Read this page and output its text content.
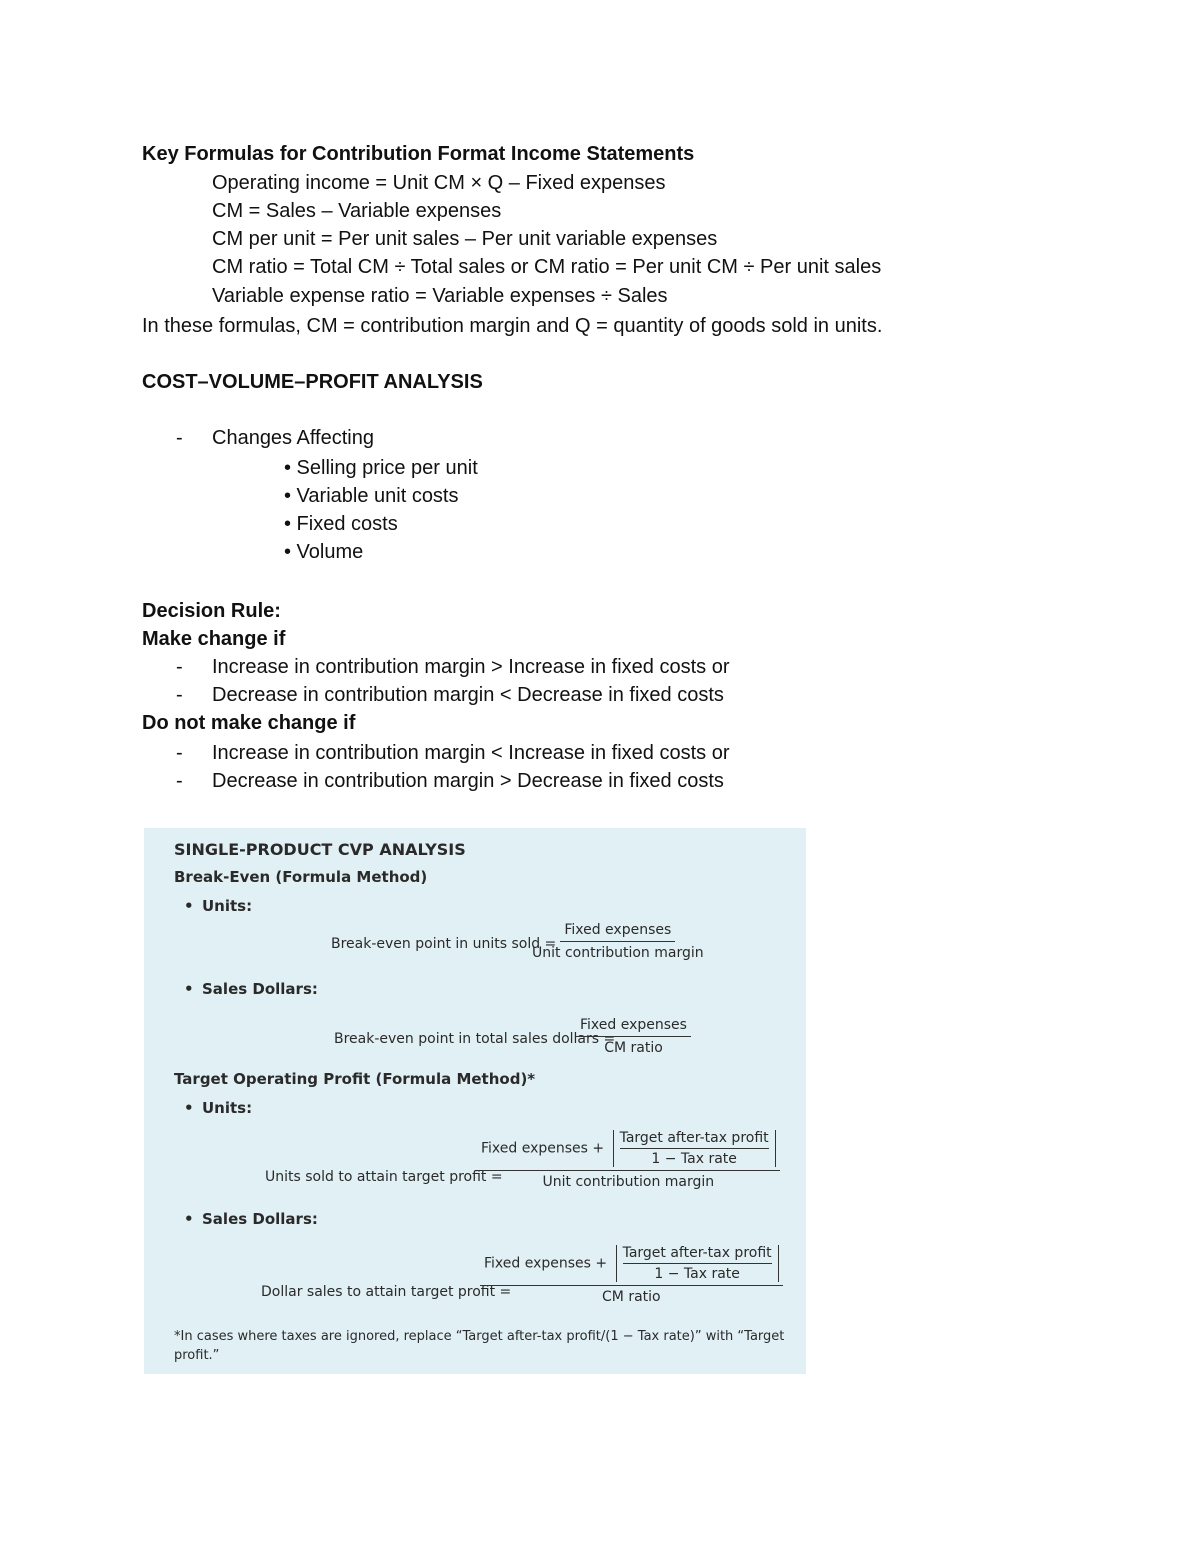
Key Formulas for Contribution Format Income Statements
Operating income = Unit CM × Q – Fixed expenses
CM = Sales – Variable expenses
CM per unit = Per unit sales – Per unit variable expenses
CM ratio = Total CM ÷ Total sales or CM ratio = Per unit CM ÷ Per unit sales
Variable expense ratio = Variable expenses ÷ Sales
In these formulas, CM = contribution margin and Q = quantity of goods sold in units.
COST–VOLUME–PROFIT ANALYSIS
- Changes Affecting
• Selling price per unit
• Variable unit costs
• Fixed costs
• Volume
Decision Rule:
Make change if
- Increase in contribution margin > Increase in fixed costs or
- Decrease in contribution margin < Decrease in fixed costs
Do not make change if
- Increase in contribution margin < Increase in fixed costs or
- Decrease in contribution margin > Decrease in fixed costs
SINGLE-PRODUCT CVP ANALYSIS
Break-Even (Formula Method)
• Units:
Break-even point in units sold =
Fixed expenses
Unit contribution margin
• Sales Dollars:
Break-even point in total sales dollars =
Fixed expenses
CM ratio
Target Operating Profit (Formula Method)*
• Units:
Units sold to attain target profit =
Fixed expenses +
Target after-tax profit
1 − Tax rate
Unit contribution margin
• Sales Dollars:
Dollar sales to attain target profit =
Fixed expenses +
Target after-tax profit
1 − Tax rate
CM ratio
*In cases where taxes are ignored, replace “Target after-tax profit/(1 − Tax rate)” with “Target profit.”
